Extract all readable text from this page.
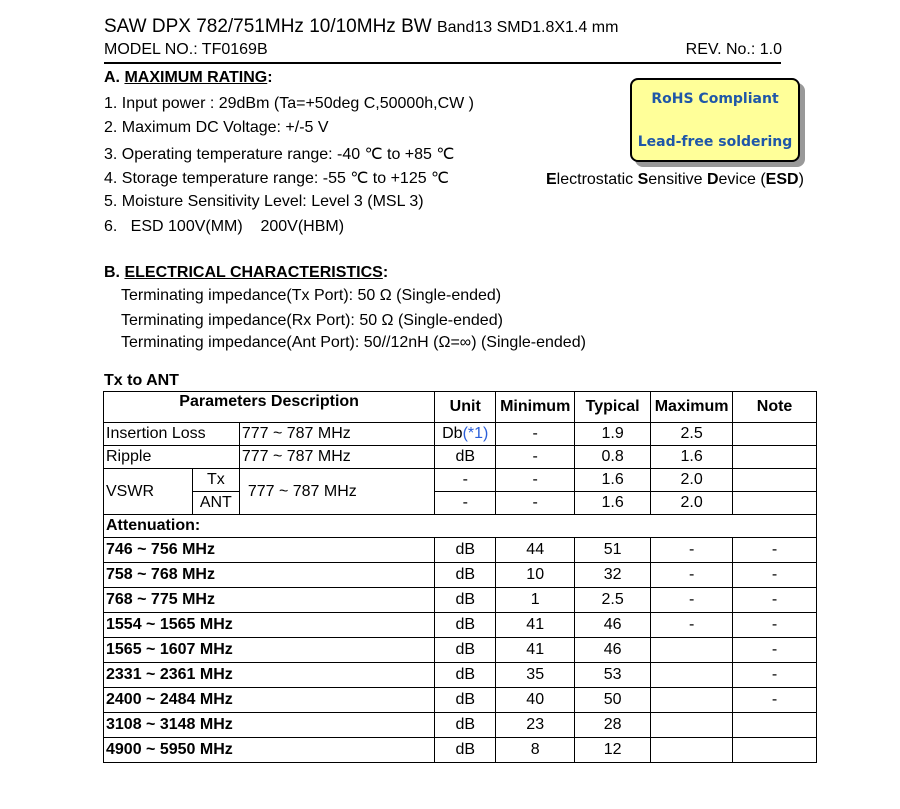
SAW DPX 782/751MHz 10/10MHz BW Band13 SMD1.8X1.4 mm
MODEL NO.: TF0169B	REV. No.: 1.0
A. MAXIMUM RATING:
1. Input power : 29dBm (Ta=+50deg C,50000h,CW )
2. Maximum DC Voltage: +/-5 V
3. Operating temperature range: -40 ℃ to +85 ℃
4. Storage temperature range: -55 ℃ to +125 ℃
5. Moisture Sensitivity Level: Level 3 (MSL 3)
6.   ESD 100V(MM)    200V(HBM)
RoHS Compliant
Lead-free soldering
Electrostatic Sensitive Device (ESD)
B. ELECTRICAL CHARACTERISTICS:
Terminating impedance(Tx Port): 50 Ω (Single-ended)
Terminating impedance(Rx Port): 50 Ω (Single-ended)
Terminating impedance(Ant Port): 50//12nH (Ω=∞) (Single-ended)
Tx to ANT
Parameters Description			Unit	Minimum	Typical	Maximum	Note
Insertion Loss		777 ~ 787 MHz	Db(*1)	-	1.9	2.5	
Ripple		777 ~ 787 MHz	dB	-	0.8	1.6	
VSWR	Tx	777 ~ 787 MHz	-	-	1.6	2.0	
	ANT		-	-	1.6	2.0	
Attenuation:							
746 ~ 756 MHz			dB	44	51	-	-
758 ~ 768 MHz			dB	10	32	-	-
768 ~ 775 MHz			dB	1	2.5	-	-
1554 ~ 1565 MHz			dB	41	46	-	-
1565 ~ 1607 MHz			dB	41	46		-
2331 ~ 2361 MHz			dB	35	53		-
2400 ~ 2484 MHz			dB	40	50		-
3108 ~ 3148 MHz			dB	23	28		
4900 ~ 5950 MHz			dB	8	12		
